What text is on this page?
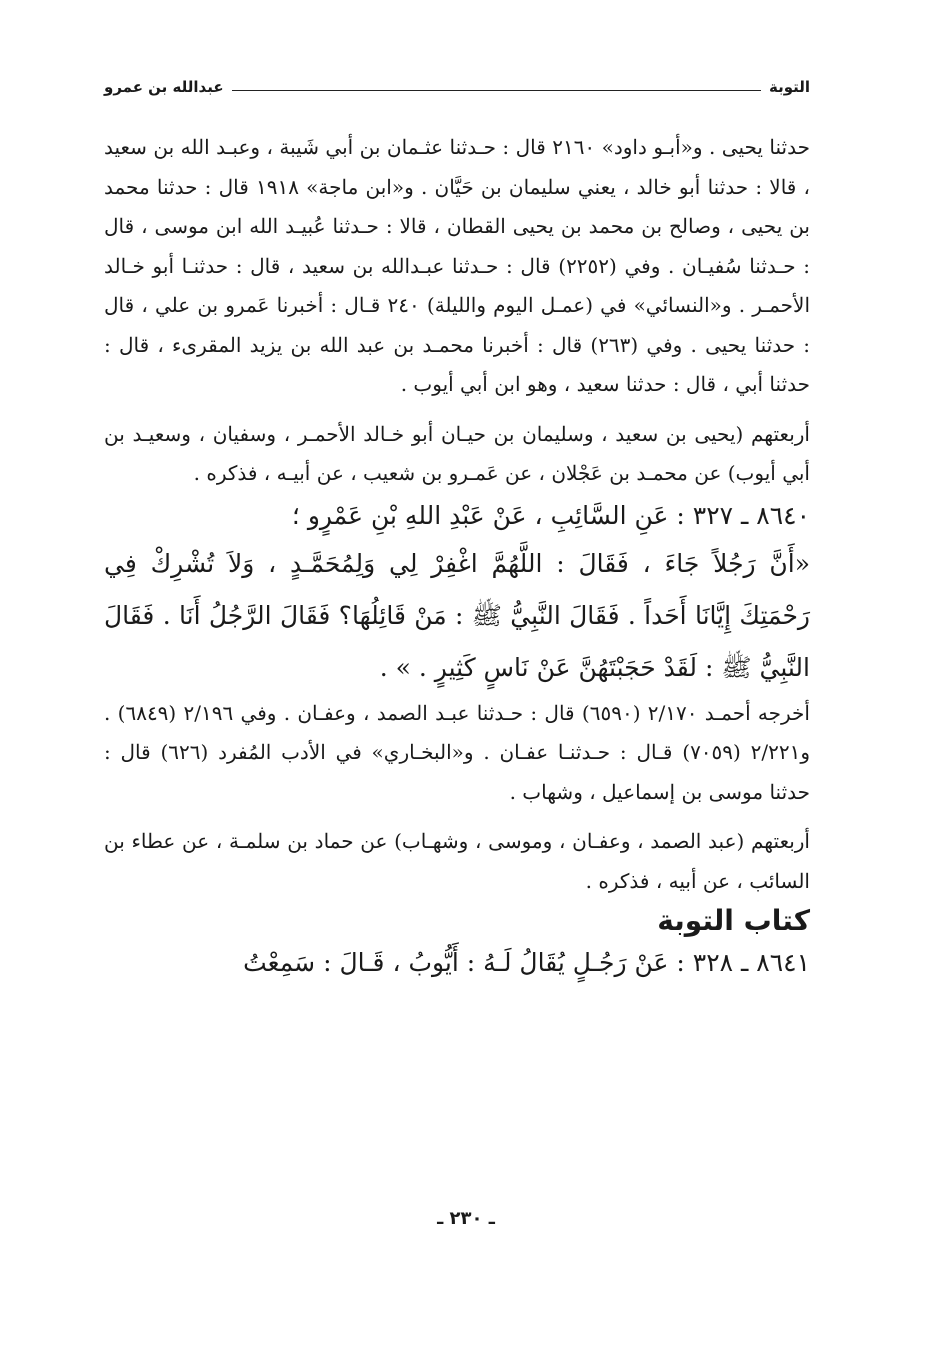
التوبة
عبدالله بن عمرو

حدثنا يحيى . و«أبـو داود» ٢١٦٠ قال : حـدثنا عثـمان بن أبي شَيبة ، وعبـد الله بن سعيد ، قالا : حدثنا أبو خالد ، يعني سليمان بن حَيَّان . و«ابن ماجة» ١٩١٨ قال : حدثنا محمد بن يحيى ، وصالح بن محمد بن يحيى القطان ، قالا : حـدثنا عُبيـد الله ابن موسى ، قال : حـدثنا سُفيـان . وفي (٢٢٥٢) قال : حـدثنا عبـدالله بن سعيد ، قال : حدثنـا أبو خـالد الأحمـر . و«النسائي» في (عمـل اليوم والليلة) ٢٤٠ قـال : أخبرنا عَمرو بن علي ، قال : حدثنا يحيى . وفي (٢٦٣) قال : أخبرنا محمـد بن عبد الله بن يزيد المقرىء ، قال : حدثنا أبي ، قال : حدثنا سعيد ، وهو ابن أبي أيوب .

أربعتهم (يحيى بن سعيد ، وسليمان بن حيـان أبو خـالد الأحمـر ، وسفيان ، وسعيـد بن أبي أيوب) عن محمـد بن عَجْلان ، عن عَمـرو بن شعيب ، عن أبيـه ، فذكره .

٨٦٤٠ ـ ٣٢٧ : عَنِ السَّائِبِ ، عَنْ عَبْدِ اللهِ بْنِ عَمْرٍو ؛

«أَنَّ رَجُلاً جَاءَ ، فَقَالَ : اللَّهُمَّ اغْفِرْ لِي وَلِمُحَمَّـدٍ ، وَلاَ تُشْرِكْ فِي رَحْمَتِكَ إِيَّانَا أَحَداً . فَقَالَ النَّبِيُّ ﷺ : مَنْ قَائِلُهَا؟ فَقَالَ الرَّجُلُ أَنَا . فَقَالَ النَّبِيُّ ﷺ : لَقَدْ حَجَبْتَهُنَّ عَنْ نَاسٍ كَثِيرٍ . » .

أخرجه أحمـد ٢/١٧٠ (٦٥٩٠) قال : حـدثنا عبـد الصمد ، وعفـان . وفي ٢/١٩٦ (٦٨٤٩) . و٢/٢٢١ (٧٠٥٩) قـال : حـدثنـا عفـان . و«البخـاري» في الأدب المُفرد (٦٢٦) قال : حدثنا موسى بن إسماعيل ، وشهاب .

أربعتهم (عبد الصمد ، وعفـان ، وموسى ، وشهـاب) عن حماد بن سلمـة ، عن عطاء بن السائب ، عن أبيه ، فذكره .

كتاب التوبة

٨٦٤١ ـ ٣٢٨ : عَنْ رَجُـلٍ يُقَالُ لَـهُ : أَيُّوبُ ، قَـالَ : سَمِعْتُ

ـ ٢٣٠ ـ
